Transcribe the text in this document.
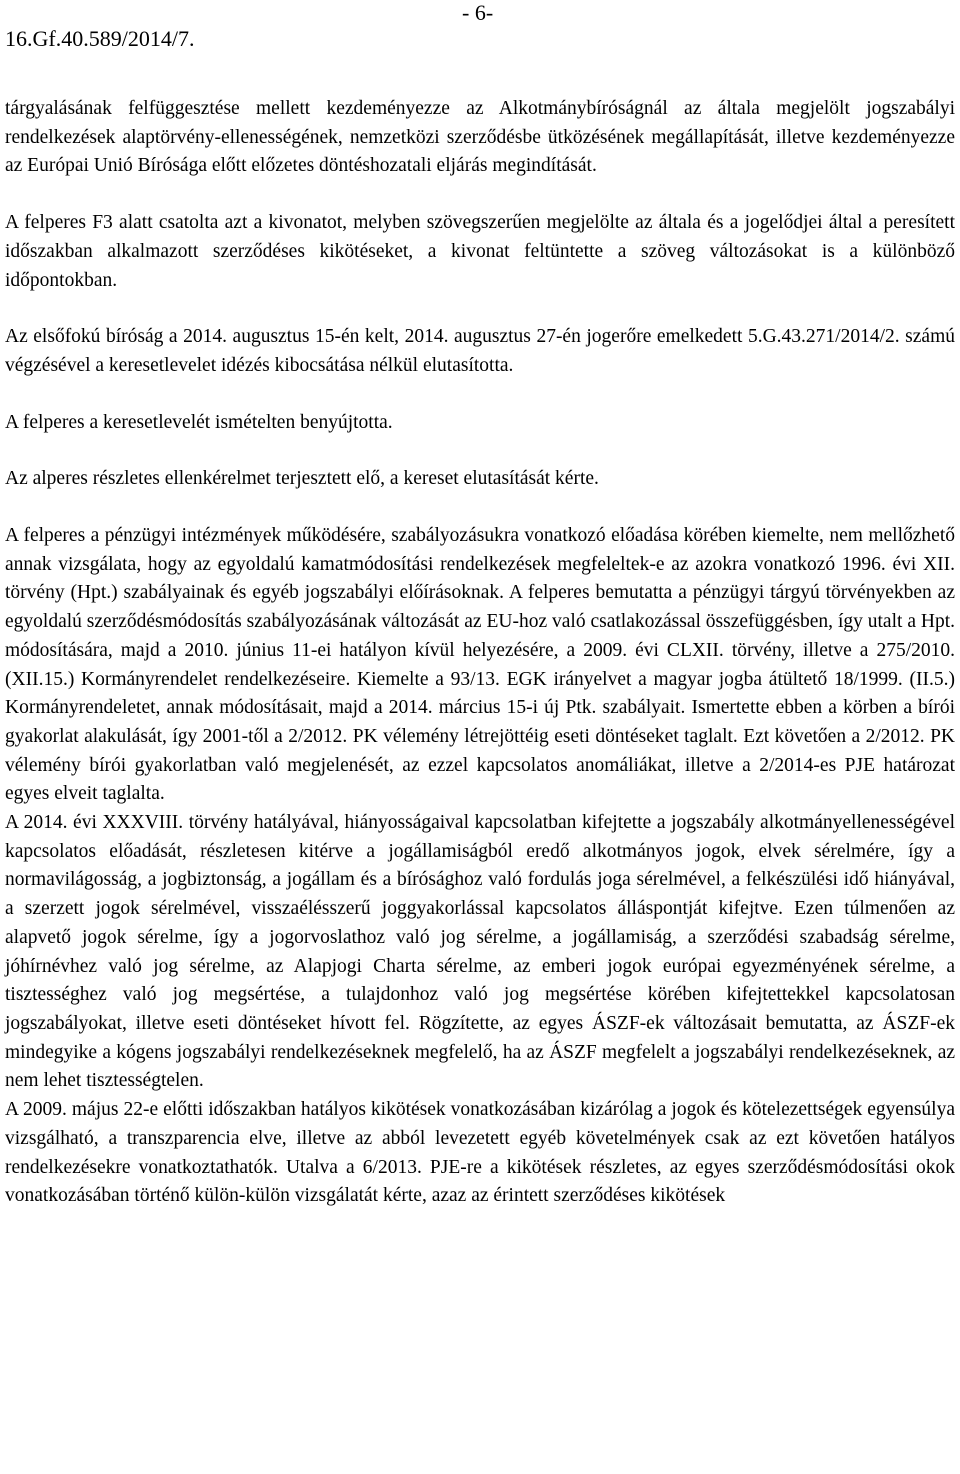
- 6-
16.Gf.40.589/2014/7.

tárgyalásának felfüggesztése mellett kezdeményezze az Alkotmánybíróságnál az általa megjelölt jogszabályi rendelkezések alaptörvény-ellenességének, nemzetközi szerződésbe ütközésének megállapítását, illetve kezdeményezze az Európai Unió Bírósága előtt előzetes döntéshozatali eljárás megindítását.

A felperes F3 alatt csatolta azt a kivonatot, melyben szövegszerűen megjelölte az általa és a jogelődjei által a peresített időszakban alkalmazott szerződéses kikötéseket, a kivonat feltüntette a szöveg változásokat is a különböző időpontokban.

Az elsőfokú bíróság a 2014. augusztus 15-én kelt, 2014. augusztus 27-én jogerőre emelkedett 5.G.43.271/2014/2. számú végzésével a keresetlevelet idézés kibocsátása nélkül elutasította.

A felperes a keresetlevelét ismételten benyújtotta.

Az alperes részletes ellenkérelmet terjesztett elő, a kereset elutasítását kérte.

A felperes a pénzügyi intézmények működésére, szabályozásukra vonatkozó előadása körében kiemelte, nem mellőzhető annak vizsgálata, hogy az egyoldalú kamatmódosítási rendelkezések megfeleltek-e az azokra vonatkozó 1996. évi XII. törvény (Hpt.) szabályainak és egyéb jogszabályi előírásoknak. A felperes bemutatta a pénzügyi tárgyú törvényekben az egyoldalú szerződésmódosítás szabályozásának változását az EU-hoz való csatlakozással összefüggésben, így utalt a Hpt. módosítására, majd a 2010. június 11-ei hatályon kívül helyezésére, a 2009. évi CLXII. törvény, illetve a 275/2010. (XII.15.) Kormányrendelet rendelkezéseire. Kiemelte a 93/13. EGK irányelvet a magyar jogba átültető 18/1999. (II.5.) Kormányrendeletet, annak módosításait, majd a 2014. március 15-i új Ptk. szabályait. Ismertette ebben a körben a bírói gyakorlat alakulását, így 2001-től a 2/2012. PK vélemény létrejöttéig eseti döntéseket taglalt. Ezt követően a 2/2012. PK vélemény bírói gyakorlatban való megjelenését, az ezzel kapcsolatos anomáliákat, illetve a 2/2014-es PJE határozat egyes elveit taglalta.

A 2014. évi XXXVIII. törvény hatályával, hiányosságaival kapcsolatban kifejtette a jogszabály alkotmányellenességével kapcsolatos előadását, részletesen kitérve a jogállamiságból eredő alkotmányos jogok, elvek sérelmére, így a normavilágosság, a jogbiztonság, a jogállam és a bírósághoz való fordulás joga sérelmével, a felkészülési idő hiányával, a szerzett jogok sérelmével, visszaélésszerű joggyakorlással kapcsolatos álláspontját kifejtve. Ezen túlmenően az alapvető jogok sérelme, így a jogorvoslathoz való jog sérelme, a jogállamiság, a szerződési szabadság sérelme, jóhírnévhez való jog sérelme, az Alapjogi Charta sérelme, az emberi jogok európai egyezményének sérelme, a tisztességhez való jog megsértése, a tulajdonhoz való jog megsértése körében kifejtettekkel kapcsolatosan jogszabályokat, illetve eseti döntéseket hívott fel. Rögzítette, az egyes ÁSZF-ek változásait bemutatta, az ÁSZF-ek mindegyike a kógens jogszabályi rendelkezéseknek megfelelő, ha az ÁSZF megfelelt a jogszabályi rendelkezéseknek, az nem lehet tisztességtelen.

A 2009. május 22-e előtti időszakban hatályos kikötések vonatkozásában kizárólag a jogok és kötelezettségek egyensúlya vizsgálható, a transzparencia elve, illetve az abból levezetett egyéb követelmények csak az ezt követően hatályos rendelkezésekre vonatkoztathatók. Utalva a 6/2013. PJE-re a kikötések részletes, az egyes szerződésmódosítási okok vonatkozásában történő külön-külön vizsgálatát kérte, azaz az érintett szerződéses kikötések
